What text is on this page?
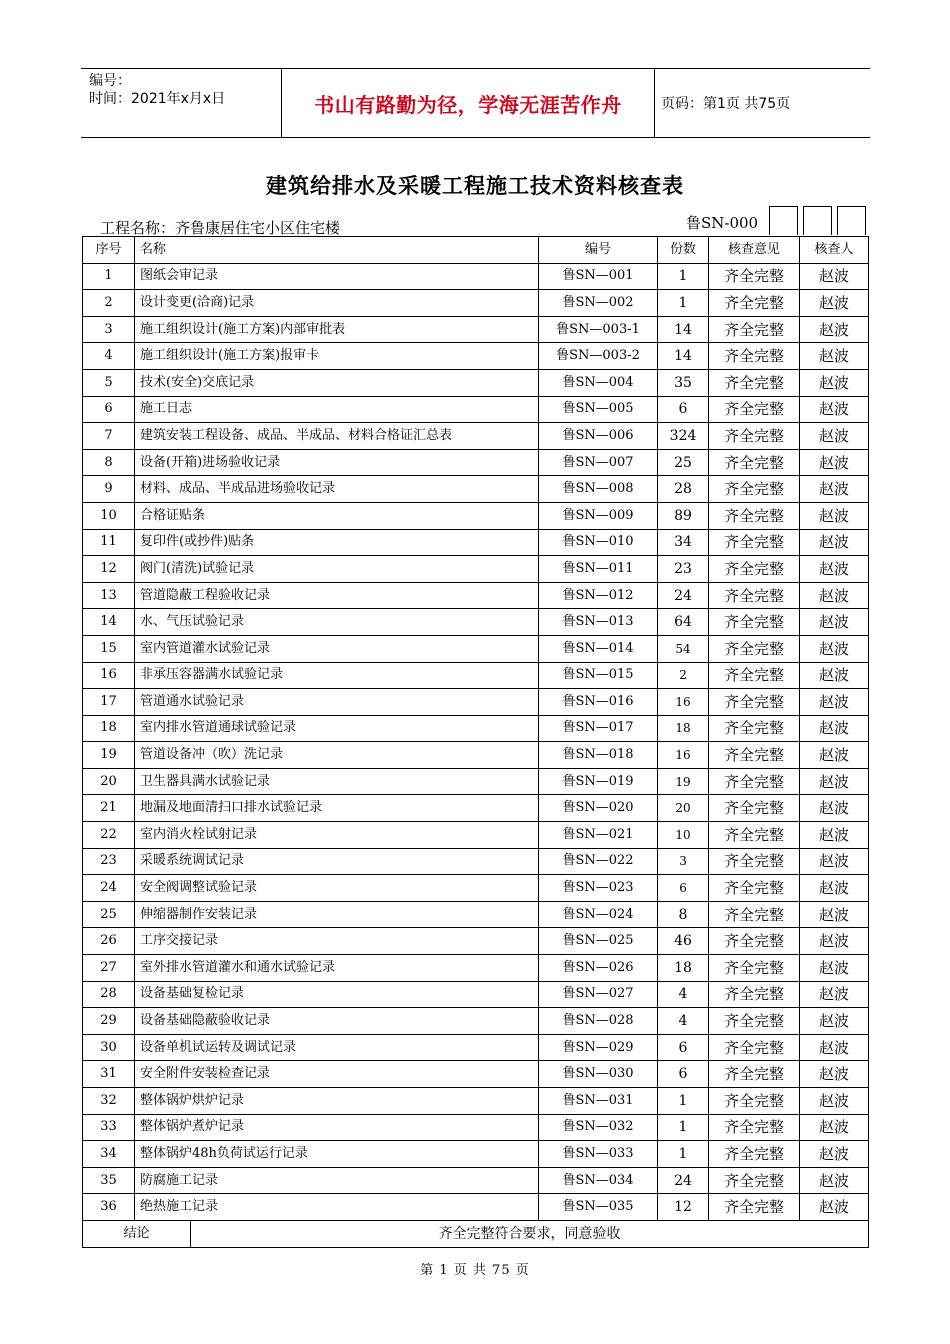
编号：
时间：2021年x月x日	书山有路勤为径，学海无涯苦作舟	页码：第1页 共75页
建筑给排水及采暖工程施工技术资料核查表
工程名称：齐鲁康居住宅小区住宅楼	鲁SN-000
序号	名称		编号	份数	核查意见	核查人
1	图纸会审记录		鲁SN—001	1	齐全完整	赵波
2	设计变更(洽商)记录		鲁SN—002	1	齐全完整	赵波
3	施工组织设计(施工方案)内部审批表		鲁SN—003-1	14	齐全完整	赵波
4	施工组织设计(施工方案)报审卡		鲁SN—003-2	14	齐全完整	赵波
5	技术(安全)交底记录		鲁SN—004	35	齐全完整	赵波
6	施工日志		鲁SN—005	6	齐全完整	赵波
7	建筑安装工程设备、成品、半成品、材料合格证汇总表		鲁SN—006	324	齐全完整	赵波
8	设备(开箱)进场验收记录		鲁SN—007	25	齐全完整	赵波
9	材料、成品、半成品进场验收记录		鲁SN—008	28	齐全完整	赵波
10	合格证贴条		鲁SN—009	89	齐全完整	赵波
11	复印件(或抄件)贴条		鲁SN—010	34	齐全完整	赵波
12	阀门(清洗)试验记录		鲁SN—011	23	齐全完整	赵波
13	管道隐蔽工程验收记录		鲁SN—012	24	齐全完整	赵波
14	水、气压试验记录		鲁SN—013	64	齐全完整	赵波
15	室内管道灌水试验记录		鲁SN—014	54	齐全完整	赵波
16	非承压容器满水试验记录		鲁SN—015	2	齐全完整	赵波
17	管道通水试验记录		鲁SN—016	16	齐全完整	赵波
18	室内排水管道通球试验记录		鲁SN—017	18	齐全完整	赵波
19	管道设备冲（吹）洗记录		鲁SN—018	16	齐全完整	赵波
20	卫生器具满水试验记录		鲁SN—019	19	齐全完整	赵波
21	地漏及地面清扫口排水试验记录		鲁SN—020	20	齐全完整	赵波
22	室内消火栓试射记录		鲁SN—021	10	齐全完整	赵波
23	采暖系统调试记录		鲁SN—022	3	齐全完整	赵波
24	安全阀调整试验记录		鲁SN—023	6	齐全完整	赵波
25	伸缩器制作安装记录		鲁SN—024	8	齐全完整	赵波
26	工序交接记录		鲁SN—025	46	齐全完整	赵波
27	室外排水管道灌水和通水试验记录		鲁SN—026	18	齐全完整	赵波
28	设备基础复检记录		鲁SN—027	4	齐全完整	赵波
29	设备基础隐蔽验收记录		鲁SN—028	4	齐全完整	赵波
30	设备单机试运转及调试记录		鲁SN—029	6	齐全完整	赵波
31	安全附件安装检查记录		鲁SN—030	6	齐全完整	赵波
32	整体锅炉烘炉记录		鲁SN—031	1	齐全完整	赵波
33	整体锅炉煮炉记录		鲁SN—032	1	齐全完整	赵波
34	整体锅炉48h负荷试运行记录		鲁SN—033	1	齐全完整	赵波
35	防腐施工记录		鲁SN—034	24	齐全完整	赵波
36	绝热施工记录		鲁SN—035	12	齐全完整	赵波
结论		齐全完整符合要求，同意验收				
第 1 页 共 75 页
